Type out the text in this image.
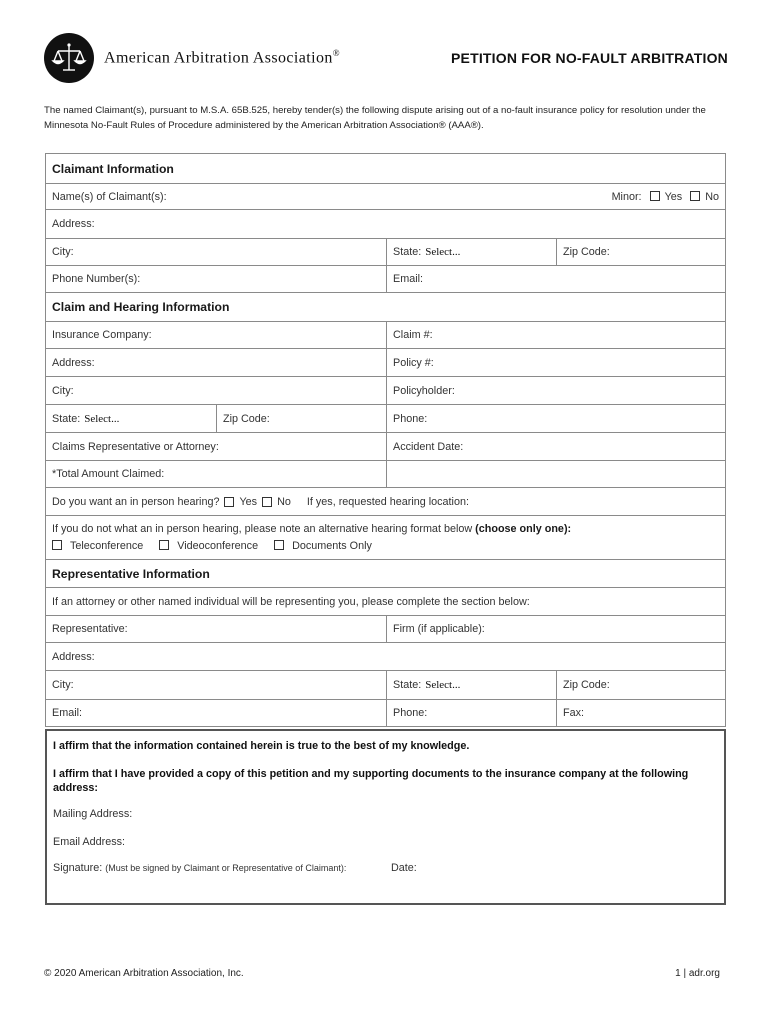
American Arbitration Association®	PETITION FOR NO-FAULT ARBITRATION
The named Claimant(s), pursuant to M.S.A. 65B.525, hereby tender(s) the following dispute arising out of a no-fault insurance policy for resolution under the Minnesota No-Fault Rules of Procedure administered by the American Arbitration Association® (AAA®).
Claimant Information
Name(s) of Claimant(s):	Minor: Yes No
Address:
City:	State: Select...	Zip Code:
Phone Number(s):	Email:
Claim and Hearing Information
Insurance Company:	Claim #:
Address:	Policy #:
City:	Policyholder:
State: Select...	Zip Code:	Phone:
Claims Representative or Attorney:	Accident Date:
*Total Amount Claimed:
Do you want an in person hearing? Yes No If yes, requested hearing location:
If you do not what an in person hearing, please note an alternative hearing format below (choose only one):
Teleconference	Videoconference	Documents Only
Representative Information
If an attorney or other named individual will be representing you, please complete the section below:
Representative:	Firm (if applicable):
Address:
City:	State: Select...	Zip Code:
Email:	Phone:	Fax:
I affirm that the information contained herein is true to the best of my knowledge.
I affirm that I have provided a copy of this petition and my supporting documents to the insurance company at the following address:
Mailing Address:
Email Address:
Signature: (Must be signed by Claimant or Representative of Claimant):	Date:
© 2020 American Arbitration Association, Inc.	1 | adr.org
